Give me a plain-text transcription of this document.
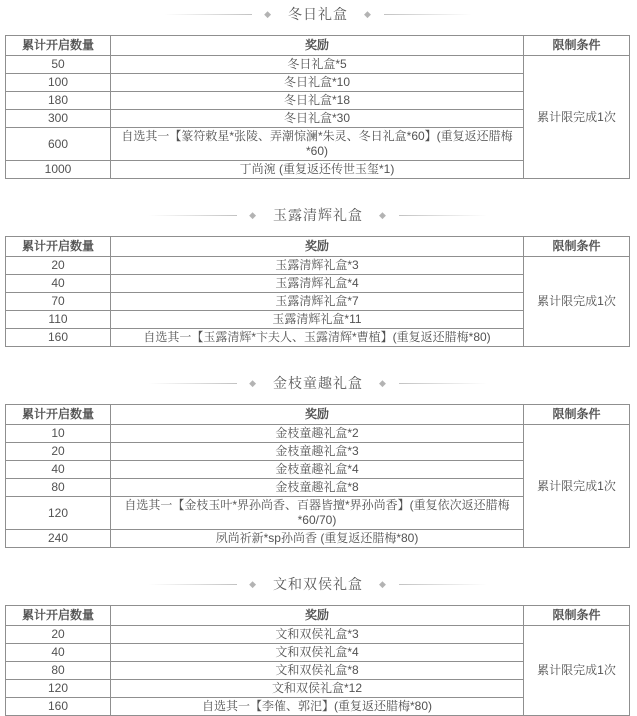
◆ 冬日礼盒 ◆
累计开启数量	奖励	限制条件
50	冬日礼盒*5	累计限完成1次
100	冬日礼盒*10	
180	冬日礼盒*18	
300	冬日礼盒*30	
600	自选其一【篆符敕星*张陵、弄潮惊澜*朱灵、冬日礼盒*60】(重复返还腊梅*60)	
1000	丁尚涴 (重复返还传世玉玺*1)	
◆ 玉露清辉礼盒 ◆
累计开启数量	奖励	限制条件
20	玉露清辉礼盒*3	累计限完成1次
40	玉露清辉礼盒*4	
70	玉露清辉礼盒*7	
110	玉露清辉礼盒*11	
160	自选其一【玉露清辉*卞夫人、玉露清辉*曹植】(重复返还腊梅*80)	
◆ 金枝童趣礼盒 ◆
累计开启数量	奖励	限制条件
10	金枝童趣礼盒*2	累计限完成1次
20	金枝童趣礼盒*3	
40	金枝童趣礼盒*4	
80	金枝童趣礼盒*8	
120	自选其一【金枝玉叶*界孙尚香、百器皆擅*界孙尚香】(重复依次返还腊梅*60/70)	
240	夙尚祈新*sp孙尚香 (重复返还腊梅*80)	
◆ 文和双侯礼盒 ◆
累计开启数量	奖励	限制条件
20	文和双侯礼盒*3	累计限完成1次
40	文和双侯礼盒*4	
80	文和双侯礼盒*8	
120	文和双侯礼盒*12	
160	自选其一【李傕、郭汜】(重复返还腊梅*80)	
